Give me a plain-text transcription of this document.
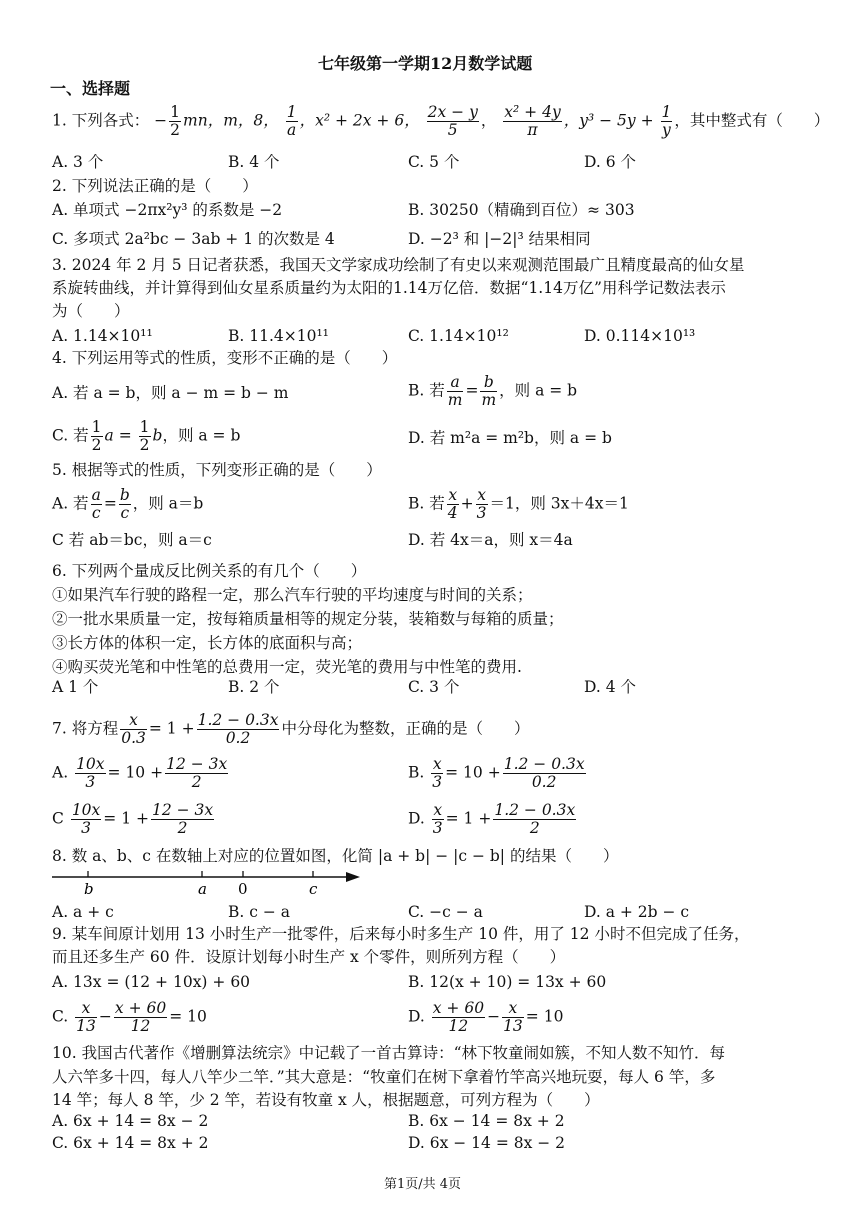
七年级第一学期12月数学试题
一、选择题
1. 下列各式： − $\frac{1}{2}$ mn，m，8， $\frac{1}{a}$ ，x² + 2x + 6， $\frac{2x - y}{5}$ ， $\frac{\text{x² + 4y}}{\pi}$ ，$y^3 - 5y + \frac{1}{y}$ ，其中整式有（　　）
A. 3 个	B. 4 个	C. 5 个	D. 6 个
2. 下列说法正确的是（　　）
A. 单项式 −2πx²y³ 的系数是 −2	B. 30250（精确到百位）≈ 303
C. 多项式 2a²bc − 3ab + 1 的次数是 4	D. −2³ 和 |−2|³ 结果相同
3. 2024 年 2 月 5 日记者获悉，我国天文学家成功绘制了有史以来观测范围最广且精度最高的仙女星
系旋转曲线，并计算得到仙女星系质量约为太阳的1.14万亿倍．数据“1.14万亿”用科学记数法表示
为（　　）
A. 1.14×10¹¹	B. 11.4×10¹¹	C. 1.14×10¹²	D. 0.114×10¹³
4. 下列运用等式的性质，变形不正确的是（　　）
A. 若 a = b，则 a − m = b − m	B. 若 $\frac{a}{m} = \frac{b}{m}$ ，则 a = b
C. 若 $\frac{1}{2}$ $a = \frac{1}{2}$ b，则 a = b	D. 若 m²a = m²b，则 a = b
5. 根据等式的性质，下列变形正确的是（　　）
A. 若 $\frac{a}{c} = \frac{b}{c}$ ，则 a＝b	B. 若 $\frac{x}{4} + \frac{x}{3} =1$，则 3x＋4x＝1
C 若 ab＝bc，则 a＝c	D. 若 4x＝a，则 x＝4a
6. 下列两个量成反比例关系的有几个（　　）
①如果汽车行驶的路程一定，那么汽车行驶的平均速度与时间的关系；
②一批水果质量一定，按每箱质量相等的规定分装，装箱数与每箱的质量；
③长方体的体积一定，长方体的底面积与高；
④购买荧光笔和中性笔的总费用一定，荧光笔的费用与中性笔的费用.
A 1 个	B. 2 个	C. 3 个	D. 4 个
7. 将方程 $\frac{x}{0.3} = 1 + \frac{1.2 - 0.3x}{0.2}$ 中分母化为整数，正确的是（　　）
A. $\frac{10x}{3} = 10 + \frac{12 - 3x}{2}$	B. $\frac{x}{3} = 10 + \frac{1.2 - 0.3x}{0.2}$
C $\frac{10x}{3} = 1 + \frac{12 - 3x}{2}$	D. $\frac{x}{3} = 1 + \frac{1.2 - 0.3x}{2}$
8. 数 a、b、c 在数轴上对应的位置如图，化简 |a + b| − |c − b| 的结果（　　）
b	a 0	c
A. a + c	B. c − a	C. −c − a	D. a + 2b − c
9. 某车间原计划用 13 小时生产一批零件，后来每小时多生产 10 件，用了 12 小时不但完成了任务，
而且还多生产 60 件．设原计划每小时生产 x 个零件，则所列方程（　　）
A. 13x = (12 + 10x) + 60	B. 12(x + 10) = 13x + 60
C. $\frac{x}{13} - \frac{x + 60}{12} = 10$	D. $\frac{x + 60}{12} - \frac{x}{13} = 10$
10. 我国古代著作《增删算法统宗》中记载了一首古算诗：“林下牧童闹如簇，不知人数不知竹．每
人六竿多十四，每人八竿少二竿．”其大意是：“牧童们在树下拿着竹竿高兴地玩耍，每人 6 竿，多
14 竿；每人 8 竿，少 2 竿，若设有牧童 x 人，根据题意，可列方程为（　　）
A. 6x + 14 = 8x − 2	B. 6x − 14 = 8x + 2
C. 6x + 14 = 8x + 2	D. 6x − 14 = 8x − 2
第1页/共 4页
